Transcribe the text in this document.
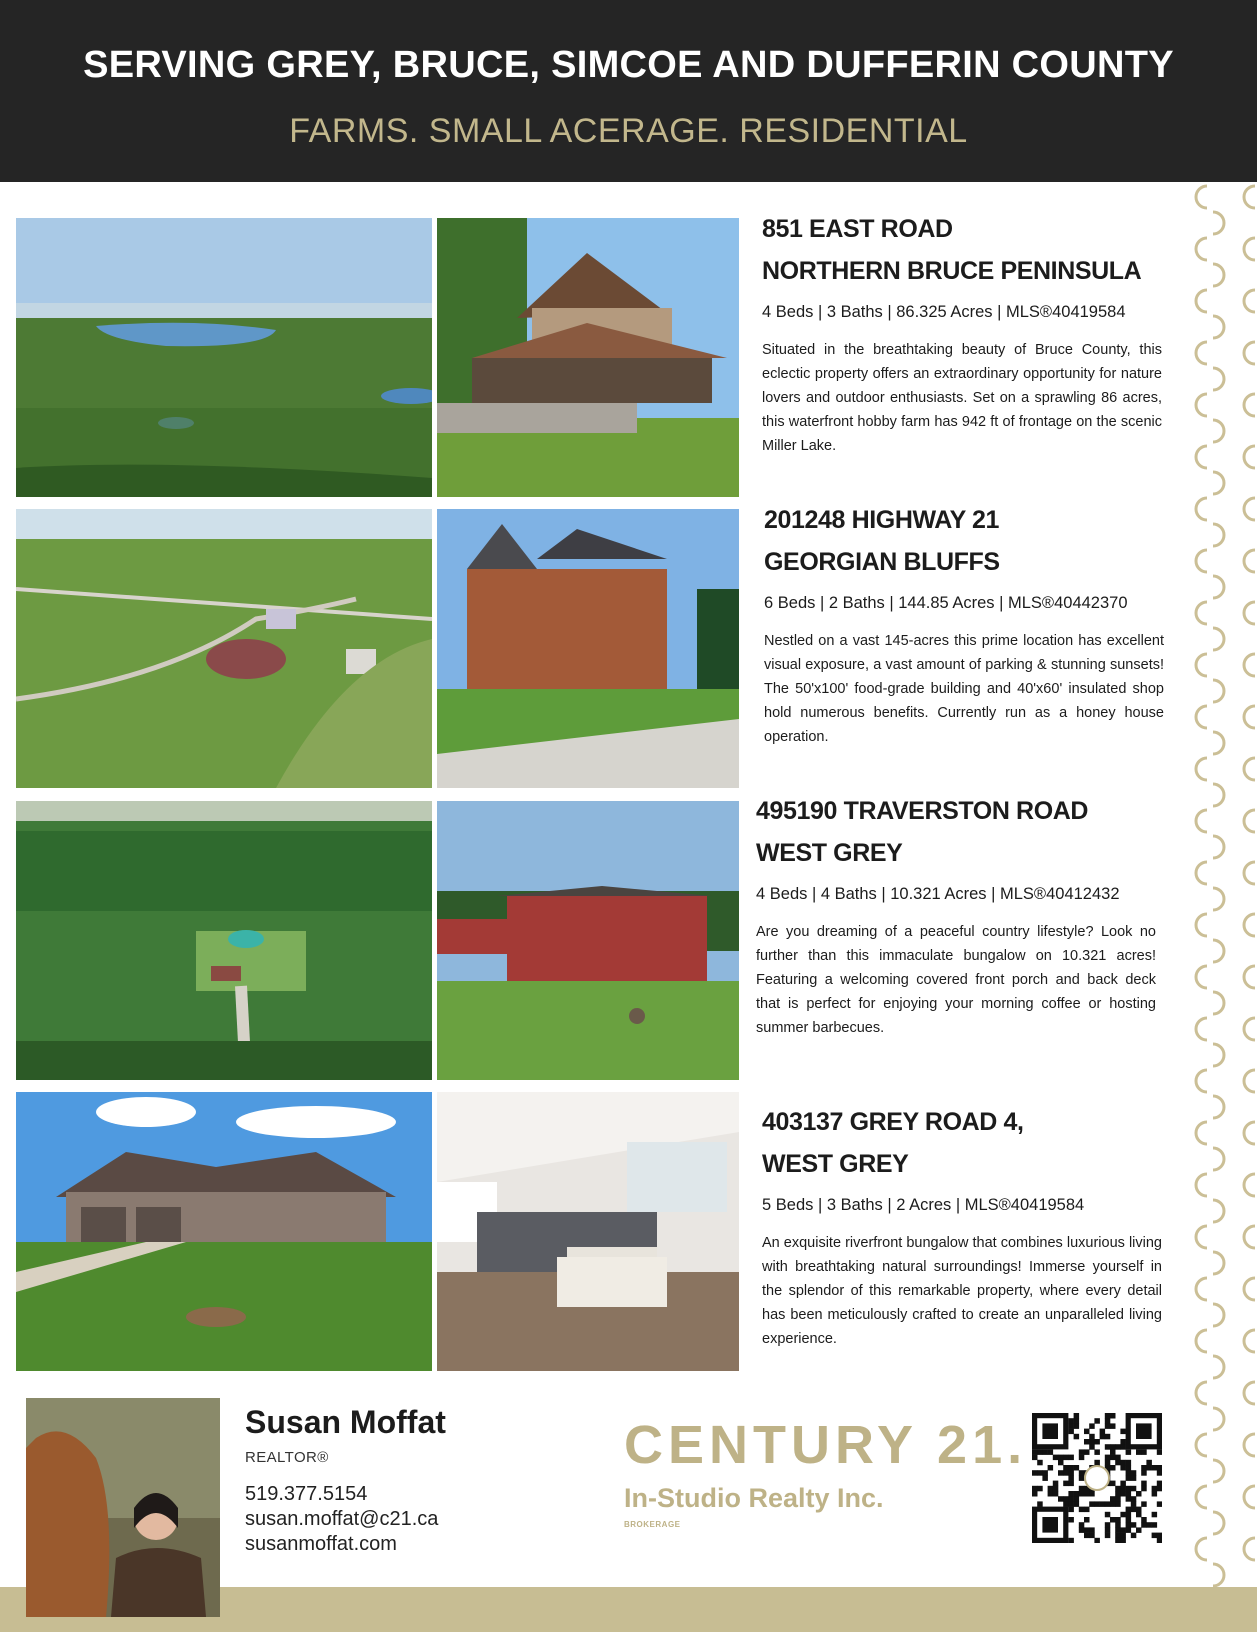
SERVING GREY, BRUCE, SIMCOE AND DUFFERIN COUNTY
FARMS. SMALL ACERAGE. RESIDENTIAL
851 EAST ROAD
NORTHERN BRUCE PENINSULA
4 Beds | 3 Baths | 86.325 Acres | MLS®40419584
Situated in the breathtaking beauty of Bruce County, this eclectic property offers an extraordinary opportunity for nature lovers and outdoor enthusiasts. Set on a sprawling 86 acres, this waterfront hobby farm has 942 ft of frontage on the scenic Miller Lake.
201248 HIGHWAY 21
GEORGIAN BLUFFS
6 Beds | 2 Baths | 144.85 Acres | MLS®40442370
Nestled on a vast 145-acres this prime location has excellent visual exposure, a vast amount of parking & stunning sunsets! The 50'x100' food-grade building and 40'x60' insulated shop hold numerous benefits. Currently run as a honey house operation.
495190 TRAVERSTON ROAD
WEST GREY
4 Beds | 4 Baths | 10.321 Acres | MLS®40412432
Are you dreaming of a peaceful country lifestyle? Look no further than this immaculate bungalow on 10.321 acres! Featuring a welcoming covered front porch and back deck that is perfect for enjoying your morning coffee or hosting summer barbecues.
403137 GREY ROAD 4,
WEST GREY
5 Beds | 3 Baths | 2 Acres | MLS®40419584
An exquisite riverfront bungalow that combines luxurious living with breathtaking natural surroundings! Immerse yourself in the splendor of this remarkable property, where every detail has been meticulously crafted to create an unparalleled living experience.
Susan Moffat
REALTOR®
519.377.5154
susan.moffat@c21.ca
susanmoffat.com
CENTURY 21.
In-Studio Realty Inc.
BROKERAGE
